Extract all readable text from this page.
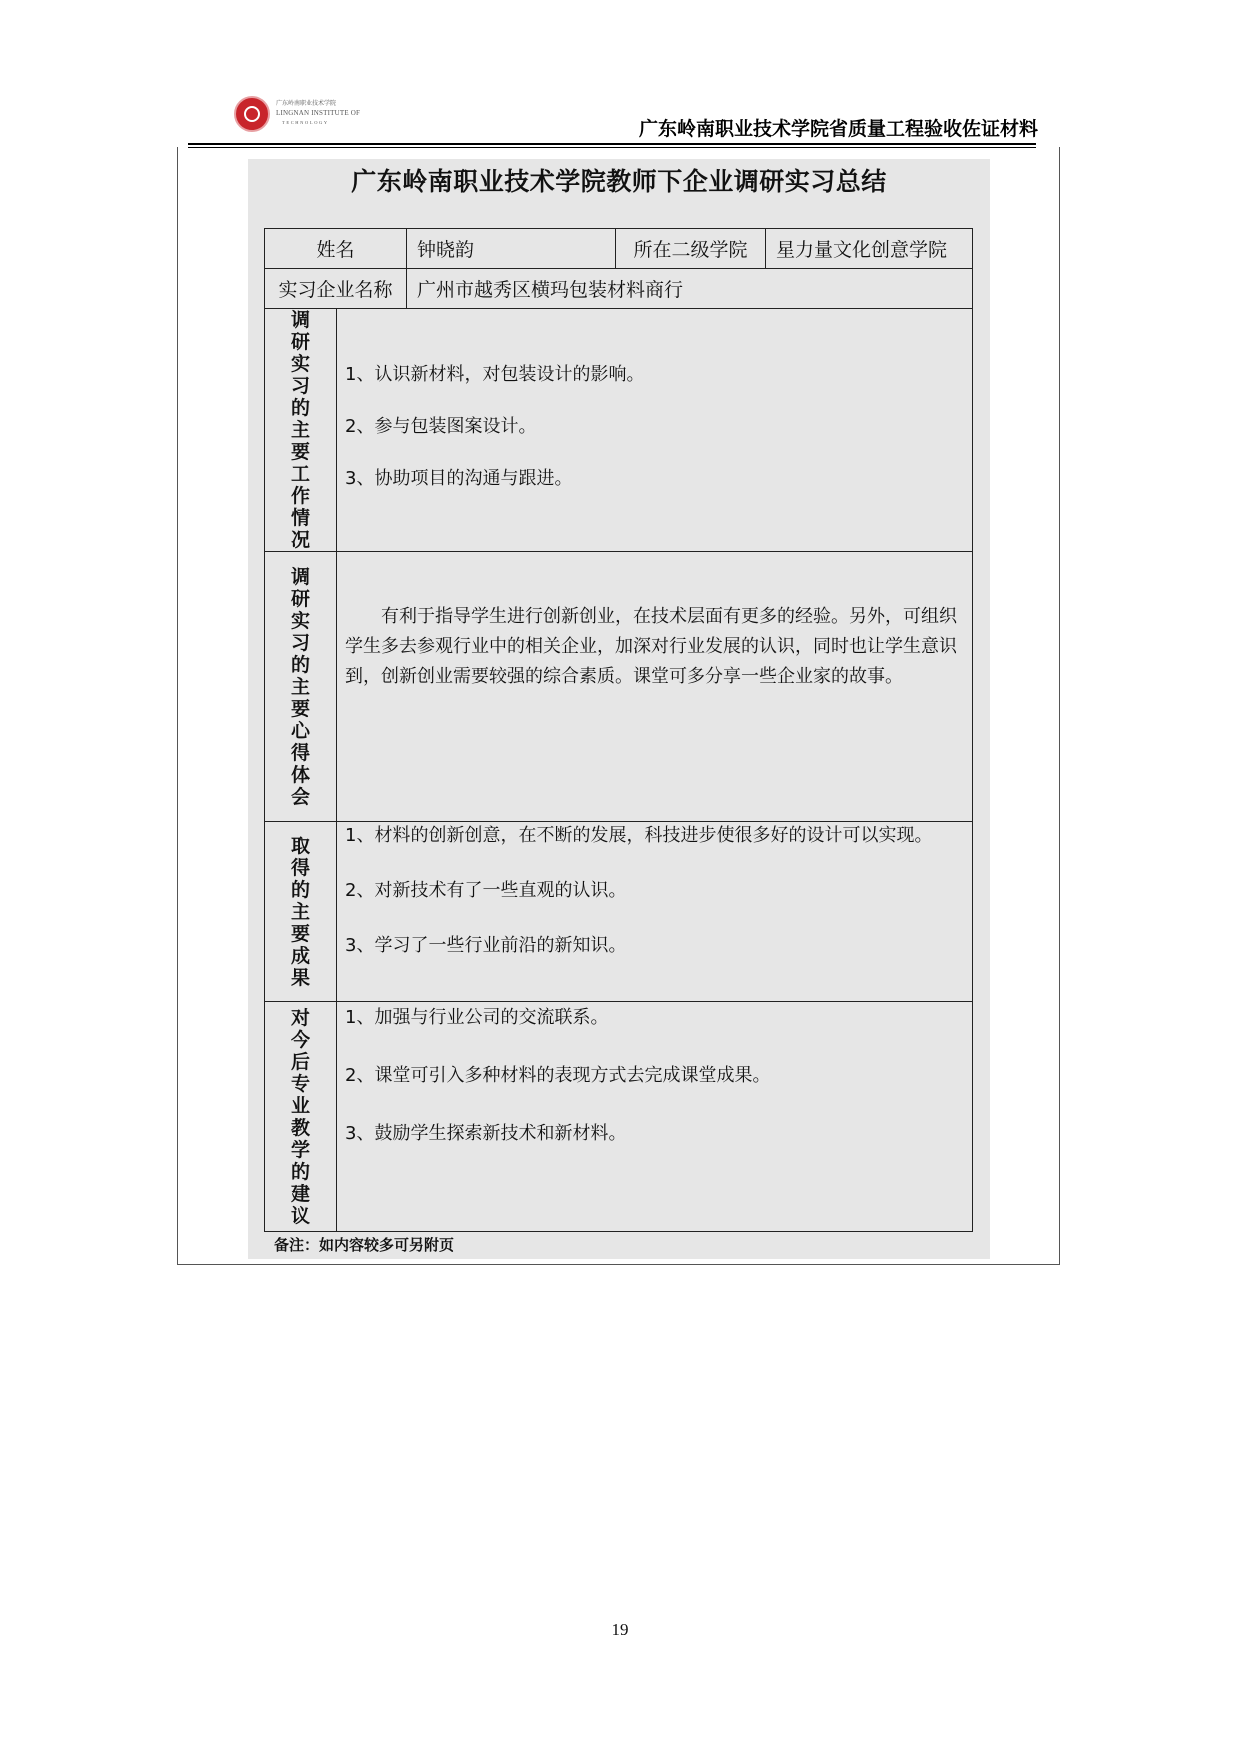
广东岭南职业技术学院
LINGNAN INSTITUTE OF
TECHNOLOGY	广东岭南职业技术学院省质量工程验收佐证材料
广东岭南职业技术学院教师下企业调研实习总结
姓名		钟晓韵	所在二级学院	星力量文化创意学院
实习企业名称		广州市越秀区横玛包装材料商行		

调研实习的主要工作情况	1、认识新材料，对包装设计的影响。

2、参与包装图案设计。

3、协助项目的沟通与跟进。			

调研实习的主要心得体会	有利于指导学生进行创新创业，在技术层面有更多的经验。另外，可组织学生多去参观行业中的相关企业，加深对行业发展的认识，同时也让学生意识到，创新创业需要较强的综合素质。课堂可多分享一些企业家的故事。			

取得的主要成果	1、材料的创新创意，在不断的发展，科技进步使很多好的设计可以实现。

2、对新技术有了一些直观的认识。

3、学习了一些行业前沿的新知识。			

对今后专业教学的建议	1、加强与行业公司的交流联系。

2、课堂可引入多种材料的表现方式去完成课堂成果。

3、鼓励学生探索新技术和新材料。			

备注：如内容较多可另附页
19
